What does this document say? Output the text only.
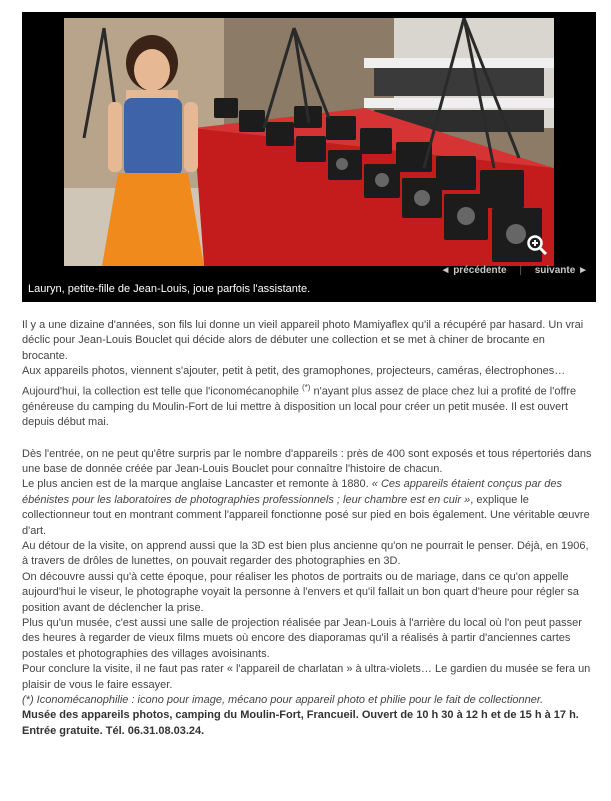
◄ précédente | suivante ►
Lauryn, petite-fille de Jean-Louis, joue parfois l'assistante.

Il y a une dizaine d'années, son fils lui donne un vieil appareil photo Mamiyaflex qu'il a récupéré par hasard. Un vrai déclic pour Jean-Louis Bouclet qui décide alors de débuter une collection et se met à chiner de brocante en brocante.

Aux appareils photos, viennent s'ajouter, petit à petit, des gramophones, projecteurs, caméras, électrophones…

Aujourd'hui, la collection est telle que l'iconomécanophile (*) n'ayant plus assez de place chez lui a profité de l'offre généreuse du camping du Moulin-Fort de lui mettre à disposition un local pour créer un petit musée. Il est ouvert depuis début mai.

Dès l'entrée, on ne peut qu'être surpris par le nombre d'appareils : près de 400 sont exposés et tous répertoriés dans une base de donnée créée par Jean-Louis Bouclet pour connaître l'histoire de chacun.

Le plus ancien est de la marque anglaise Lancaster et remonte à 1880. « Ces appareils étaient conçus par des ébénistes pour les laboratoires de photographies professionnels ; leur chambre est en cuir », explique le collectionneur tout en montrant comment l'appareil fonctionne posé sur pied en bois également. Une véritable œuvre d'art.

Au détour de la visite, on apprend aussi que la 3D est bien plus ancienne qu'on ne pourrait le penser. Déjà, en 1906, à travers de drôles de lunettes, on pouvait regarder des photographies en 3D.

On découvre aussi qu'à cette époque, pour réaliser les photos de portraits ou de mariage, dans ce qu'on appelle aujourd'hui le viseur, le photographe voyait la personne à l'envers et qu'il fallait un bon quart d'heure pour régler sa position avant de déclencher la prise.

Plus qu'un musée, c'est aussi une salle de projection réalisée par Jean-Louis à l'arrière du local où l'on peut passer des heures à regarder de vieux films muets où encore des diaporamas qu'il a réalisés à partir d'anciennes cartes postales et photographies des villages avoisinants.

Pour conclure la visite, il ne faut pas rater « l'appareil de charlatan » à ultra-violets… Le gardien du musée se fera un plaisir de vous le faire essayer.

(*) Iconomécanophilie : icono pour image, mécano pour appareil photo et philie pour le fait de collectionner.

Musée des appareils photos, camping du Moulin-Fort, Francueil. Ouvert de 10 h 30 à 12 h et de 15 h à 17 h. Entrée gratuite. Tél. 06.31.08.03.24.
